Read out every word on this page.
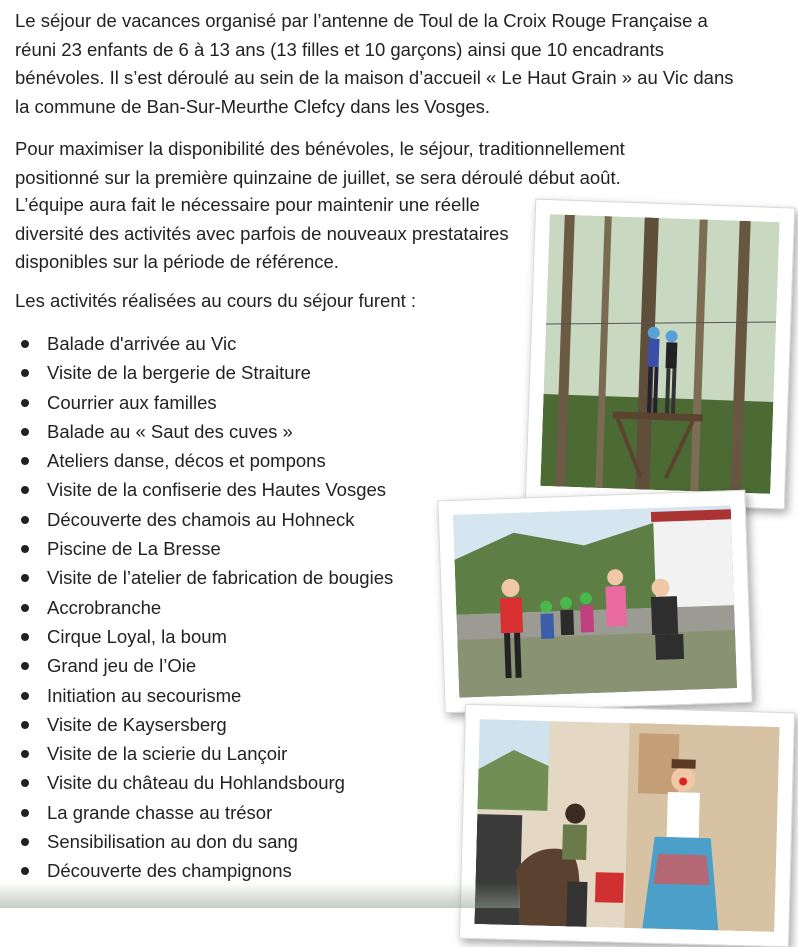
Le séjour de vacances organisé par l’antenne de Toul de la Croix Rouge Française a réuni 23 enfants de 6 à 13 ans (13 filles et 10 garçons) ainsi que 10 encadrants bénévoles. Il s’est déroulé au sein de la maison d’accueil « Le Haut Grain » au Vic dans la commune de Ban-Sur-Meurthe Clefcy dans les Vosges.

Pour maximiser la disponibilité des bénévoles, le séjour, traditionnellement positionné sur la première quinzaine de juillet, se sera déroulé début août.

L’équipe aura fait le nécessaire pour maintenir une réelle diversité des activités avec parfois de nouveaux prestataires disponibles sur la période de référence.

Les activités réalisées au cours du séjour furent :

Balade d'arrivée au Vic
Visite de la bergerie de Straiture
Courrier aux familles
Balade au « Saut des cuves »
Ateliers danse, décos et pompons
Visite de la confiserie des Hautes Vosges
Découverte des chamois au Hohneck
Piscine de La Bresse
Visite de l’atelier de fabrication de bougies
Accrobranche
Cirque Loyal, la boum
Grand jeu de l’Oie
Initiation au secourisme
Visite de Kaysersberg
Visite de la scierie du Lançoir
Visite du château du Hohlandsbourg
La grande chasse au trésor
Sensibilisation au don du sang
Découverte des champignons
